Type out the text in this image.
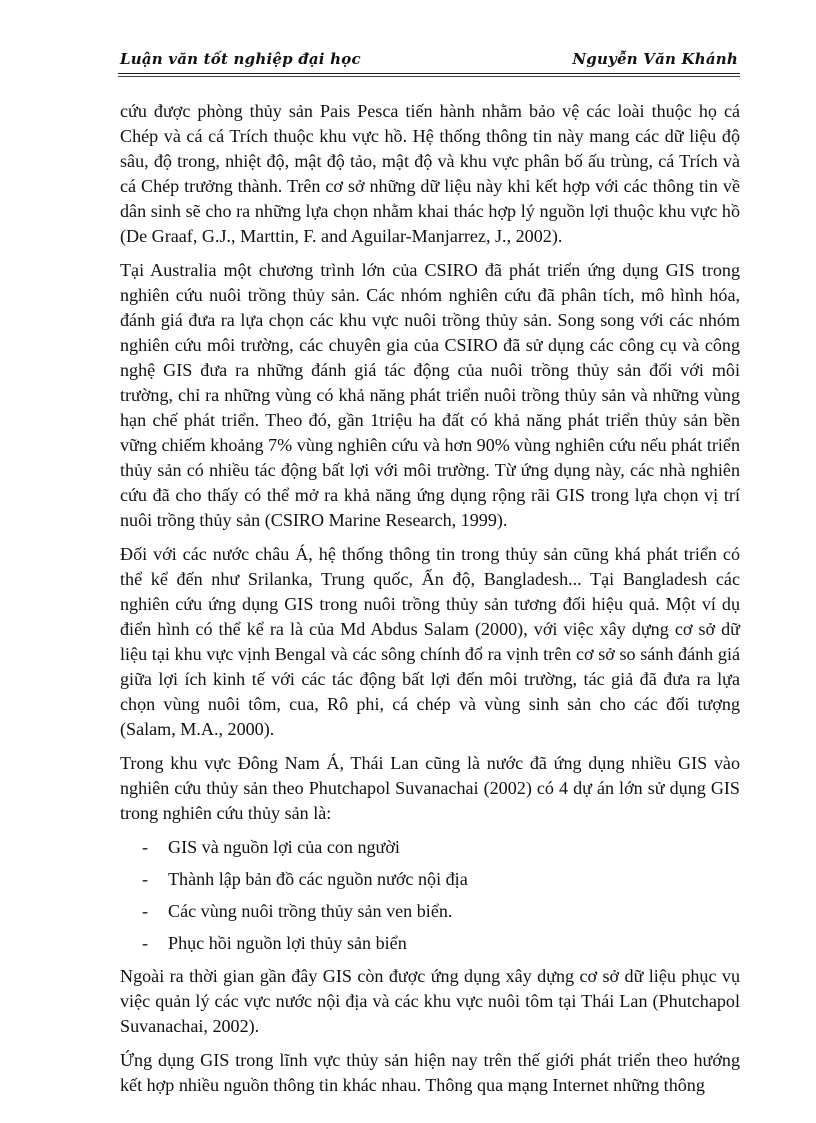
Luận văn tốt nghiệp đại học	Nguyễn Văn Khánh

cứu được phòng thủy sản Pais Pesca tiến hành nhằm bảo vệ các loài thuộc họ cá Chép và cá cá Trích thuộc khu vực hồ. Hệ thống thông tin này mang các dữ liệu độ sâu, độ trong, nhiệt độ, mật độ tảo, mật độ và khu vực phân bố ấu trùng, cá Trích và cá Chép trưởng thành. Trên cơ sở những dữ liệu này khi kết hợp với các thông tin về dân sinh sẽ cho ra những lựa chọn nhằm khai thác hợp lý nguồn lợi thuộc khu vực hồ (De Graaf, G.J., Marttin, F. and Aguilar-Manjarrez, J., 2002).

Tại Australia một chương trình lớn của CSIRO đã phát triển ứng dụng GIS trong nghiên cứu nuôi trồng thủy sản. Các nhóm nghiên cứu đã phân tích, mô hình hóa, đánh giá đưa ra lựa chọn các khu vực nuôi trồng thủy sản. Song song với các nhóm nghiên cứu môi trường, các chuyên gia của CSIRO đã sử dụng các công cụ và công nghệ GIS đưa ra những đánh giá tác động của nuôi trồng thủy sản đối với môi trường, chỉ ra những vùng có khả năng phát triển nuôi trồng thủy sản và những vùng hạn chế phát triển. Theo đó, gần 1triệu ha đất có khả năng phát triển thủy sản bền vững chiếm khoảng 7% vùng nghiên cứu và hơn 90% vùng nghiên cứu nếu phát triển thủy sản có nhiều tác động bất lợi với môi trường. Từ ứng dụng này, các nhà nghiên cứu đã cho thấy có thể mở ra khả năng ứng dụng rộng rãi GIS trong lựa chọn vị trí nuôi trồng thủy sản (CSIRO Marine Research, 1999).

Đối với các nước châu Á, hệ thống thông tin trong thủy sản cũng khá phát triển có thể kể đến như Srilanka, Trung quốc, Ấn độ, Bangladesh... Tại Bangladesh các nghiên cứu ứng dụng GIS trong nuôi trồng thủy sản tương đối hiệu quả. Một ví dụ điển hình có thể kể ra là của Md Abdus Salam (2000), với việc xây dựng cơ sở dữ liệu tại khu vực vịnh Bengal và các sông chính đổ ra vịnh trên cơ sở so sánh đánh giá giữa lợi ích kinh tế với các tác động bất lợi đến môi trường, tác giả đã đưa ra lựa chọn vùng nuôi tôm, cua, Rô phi, cá chép và vùng sinh sản cho các đối tượng (Salam, M.A., 2000).

Trong khu vực Đông Nam Á, Thái Lan cũng là nước đã ứng dụng nhiều GIS vào nghiên cứu thủy sản theo Phutchapol Suvanachai (2002) có 4 dự án lớn sử dụng GIS trong nghiên cứu thủy sản là:

- GIS và nguồn lợi của con người
- Thành lập bản đồ các nguồn nước nội địa
- Các vùng nuôi trồng thủy sản ven biển.
- Phục hồi nguồn lợi thủy sản biển

Ngoài ra thời gian gần đây GIS còn được ứng dụng xây dựng cơ sở dữ liệu phục vụ việc quản lý các vực nước nội địa và các khu vực nuôi tôm tại Thái Lan (Phutchapol Suvanachai, 2002).

Ứng dụng GIS trong lĩnh vực thủy sản hiện nay trên thế giới phát triển theo hướng kết hợp nhiều nguồn thông tin khác nhau. Thông qua mạng Internet những thông
